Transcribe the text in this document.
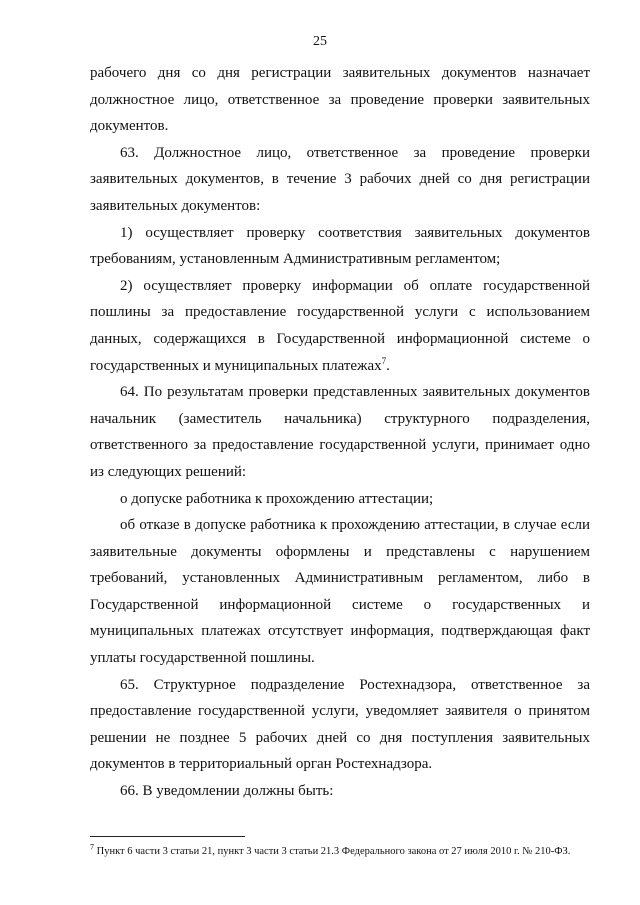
25

рабочего дня со дня регистрации заявительных документов назначает должностное лицо, ответственное за проведение проверки заявительных документов.

63. Должностное лицо, ответственное за проведение проверки заявительных документов, в течение 3 рабочих дней со дня регистрации заявительных документов:

1) осуществляет проверку соответствия заявительных документов требованиям, установленным Административным регламентом;

2) осуществляет проверку информации об оплате государственной пошлины за предоставление государственной услуги с использованием данных, содержащихся в Государственной информационной системе о государственных и муниципальных платежах$^7$.

64. По результатам проверки представленных заявительных документов начальник (заместитель начальника) структурного подразделения, ответственного за предоставление государственной услуги, принимает одно из следующих решений:

о допуске работника к прохождению аттестации;

об отказе в допуске работника к прохождению аттестации, в случае если заявительные документы оформлены и представлены с нарушением требований, установленных Административным регламентом, либо в Государственной информационной системе о государственных и муниципальных платежах отсутствует информация, подтверждающая факт уплаты государственной пошлины.

65. Структурное подразделение Ростехнадзора, ответственное за предоставление государственной услуги, уведомляет заявителя о принятом решении не позднее 5 рабочих дней со дня поступления заявительных документов в территориальный орган Ростехнадзора.

66. В уведомлении должны быть:

$^7$ Пункт 6 части 3 статьи 21, пункт 3 части 3 статьи 21.3 Федерального закона от 27 июля 2010 г. № 210-ФЗ.
